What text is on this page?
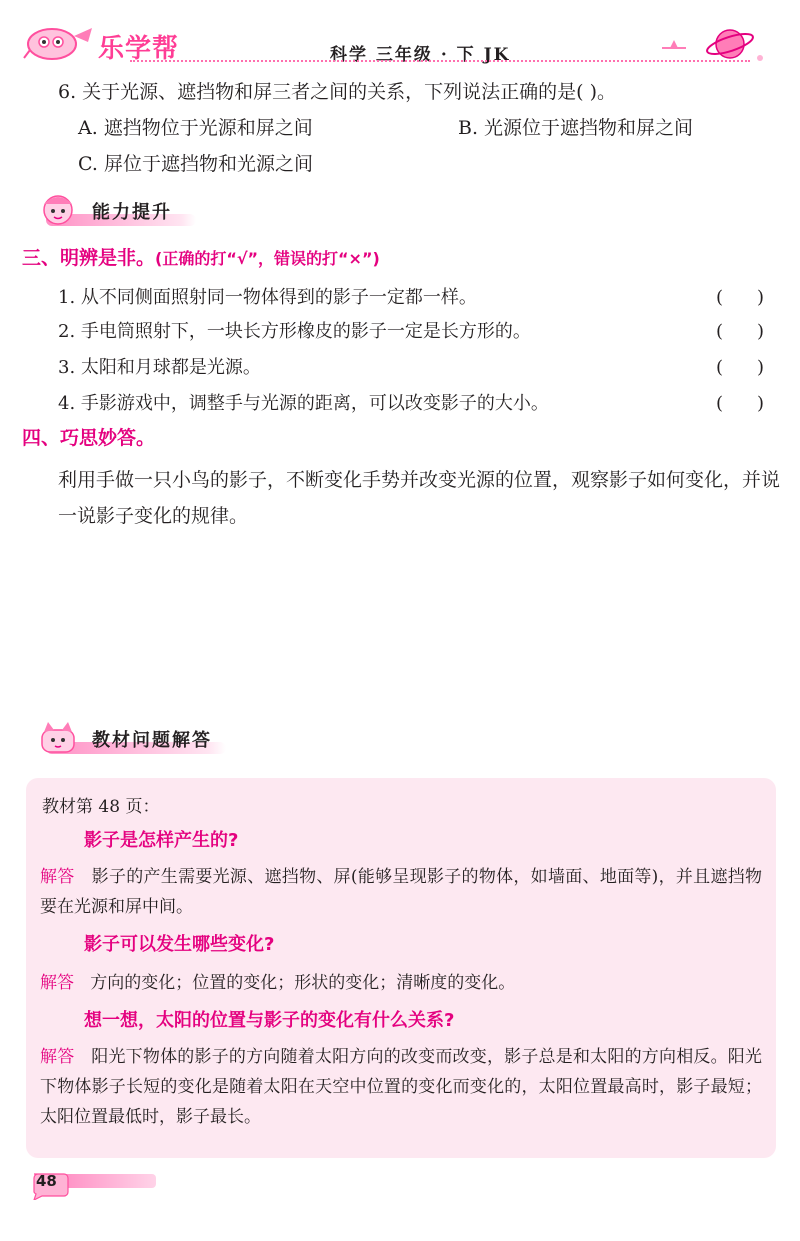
乐学帮	科学 三年级 · 下 JK
6. 关于光源、遮挡物和屏三者之间的关系，下列说法正确的是( )。
A. 遮挡物位于光源和屏之间	B. 光源位于遮挡物和屏之间
C. 屏位于遮挡物和光源之间
能力提升
三、明辨是非。(正确的打“√”，错误的打“×”)
1. 从不同侧面照射同一物体得到的影子一定都一样。	()
2. 手电筒照射下，一块长方形橡皮的影子一定是长方形的。	()
3. 太阳和月球都是光源。	()
4. 手影游戏中，调整手与光源的距离，可以改变影子的大小。	()
四、巧思妙答。
利用手做一只小鸟的影子，不断变化手势并改变光源的位置，观察影子如何变化，并说一说影子变化的规律。
教材问题解答
教材第 48 页：
影子是怎样产生的?
解答 影子的产生需要光源、遮挡物、屏(能够呈现影子的物体，如墙面、地面等)，并且遮挡物要在光源和屏中间。
影子可以发生哪些变化?
解答 方向的变化；位置的变化；形状的变化；清晰度的变化。
想一想，太阳的位置与影子的变化有什么关系?
解答 阳光下物体的影子的方向随着太阳方向的改变而改变，影子总是和太阳的方向相反。阳光下物体影子长短的变化是随着太阳在天空中位置的变化而变化的，太阳位置最高时，影子最短；太阳位置最低时，影子最长。
48
